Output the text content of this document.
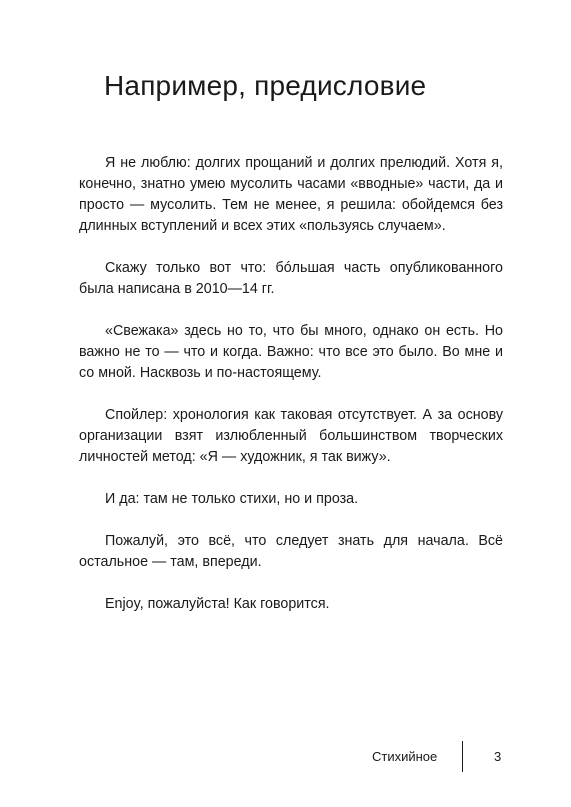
Например, предисловие

Я не люблю: долгих прощаний и долгих прелюдий. Хотя я, конечно, знатно умею мусолить часами «вводные» части, да и просто — мусолить. Тем не менее, я решила: обойдемся без длинных вступлений и всех этих «пользуясь случаем».

Скажу только вот что: бóльшая часть опубликованного была написана в 2010—14 гг.

«Свежака» здесь но то, что бы много, однако он есть. Но важно не то — что и когда. Важно: что все это было. Во мне и со мной. Насквозь и по-настоящему.

Спойлер: хронология как таковая отсутствует. А за основу организации взят излюбленный большинством творческих личностей метод: «Я — художник, я так вижу».

И да: там не только стихи, но и проза.

Пожалуй, это всё, что следует знать для начала. Всё остальное — там, впереди.

Enjoy, пожалуйста! Как говорится.

Стихийное	3
